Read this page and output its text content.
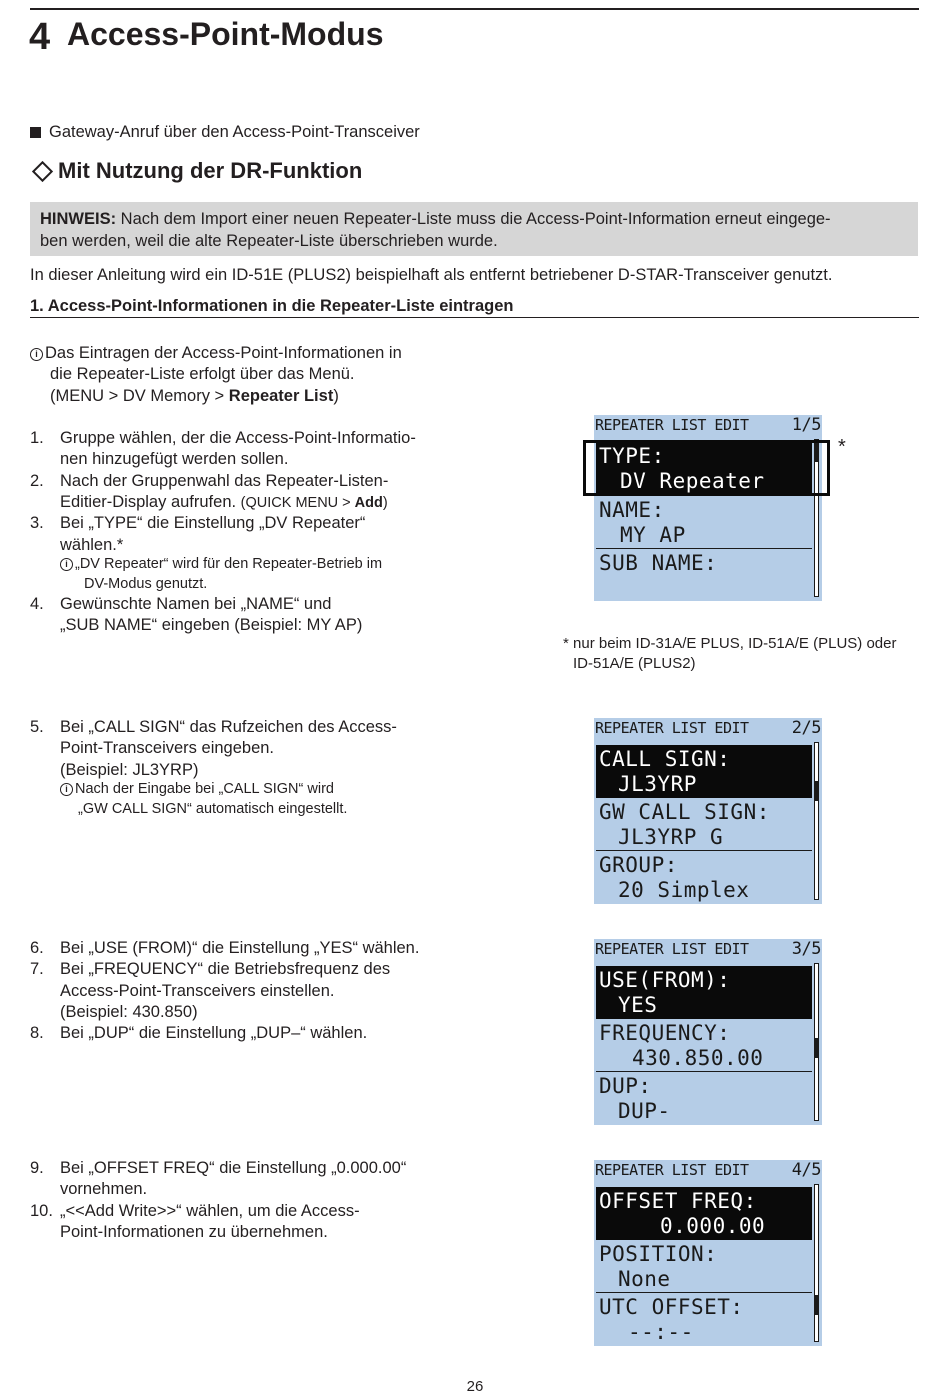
4 Access-Point-Modus
Gateway-Anruf über den Access-Point-Transceiver
Mit Nutzung der DR-Funktion
HINWEIS: Nach dem Import einer neuen Repeater-Liste muss die Access-Point-Information erneut eingege-
ben werden, weil die alte Repeater-Liste überschrieben wurde.
In dieser Anleitung wird ein ID-51E (PLUS2) beispielhaft als entfernt betriebener D-STAR-Transceiver genutzt.
1. Access-Point-Informationen in die Repeater-Liste eintragen
i Das Eintragen der Access-Point-Informationen in
die Repeater-Liste erfolgt über das Menü.
(MENU > DV Memory > Repeater List)
1. Gruppe wählen, der die Access-Point-Informatio-
nen hinzugefügt werden sollen.
2. Nach der Gruppenwahl das Repeater-Listen-
Editier-Display aufrufen. (QUICK MENU > Add)
3. Bei „TYPE“ die Einstellung „DV Repeater“
wählen.*
i „DV Repeater“ wird für den Repeater-Betrieb im
DV-Modus genutzt.
4. Gewünschte Namen bei „NAME“ und
„SUB NAME“ eingeben (Beispiel: MY AP)
5. Bei „CALL SIGN“ das Rufzeichen des Access-
Point-Transceivers eingeben.
(Beispiel: JL3YRP)
i Nach der Eingabe bei „CALL SIGN“ wird
„GW CALL SIGN“ automatisch eingestellt.
6. Bei „USE (FROM)“ die Einstellung „YES“ wählen.
7. Bei „FREQUENCY“ die Betriebsfrequenz des
Access-Point-Transceivers einstellen.
(Beispiel: 430.850)
8. Bei „DUP“ die Einstellung „DUP–“ wählen.
9. Bei „OFFSET FREQ“ die Einstellung „0.000.00“
vornehmen.
10. „<<Add Write>>“ wählen, um die Access-
Point-Informationen zu übernehmen.
REPEATER LIST EDIT	1/5
TYPE:
DV Repeater
NAME:
MY AP
SUB NAME:
*
* nur beim ID-31A/E PLUS, ID-51A/E (PLUS) oder
ID-51A/E (PLUS2)
REPEATER LIST EDIT	2/5
CALL SIGN:
JL3YRP
GW CALL SIGN:
JL3YRP G
GROUP:
20 Simplex
REPEATER LIST EDIT	3/5
USE(FROM):
YES
FREQUENCY:
430.850.00
DUP:
DUP-
REPEATER LIST EDIT	4/5
OFFSET FREQ:
0.000.00
POSITION:
None
UTC OFFSET:
--:--
26
